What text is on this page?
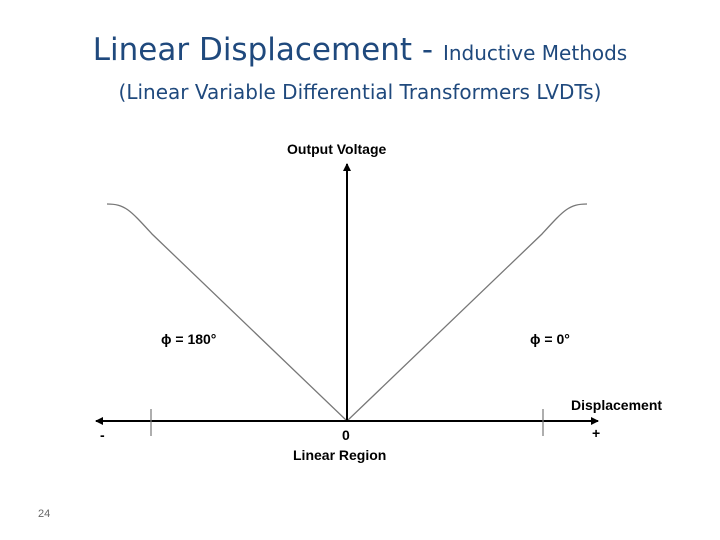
Linear Displacement - Inductive Methods
(Linear Variable Differential Transformers LVDTs)
Output Voltage
Displacement
ϕ = 180°	ϕ = 0°
-	0	+
Linear Region
24
